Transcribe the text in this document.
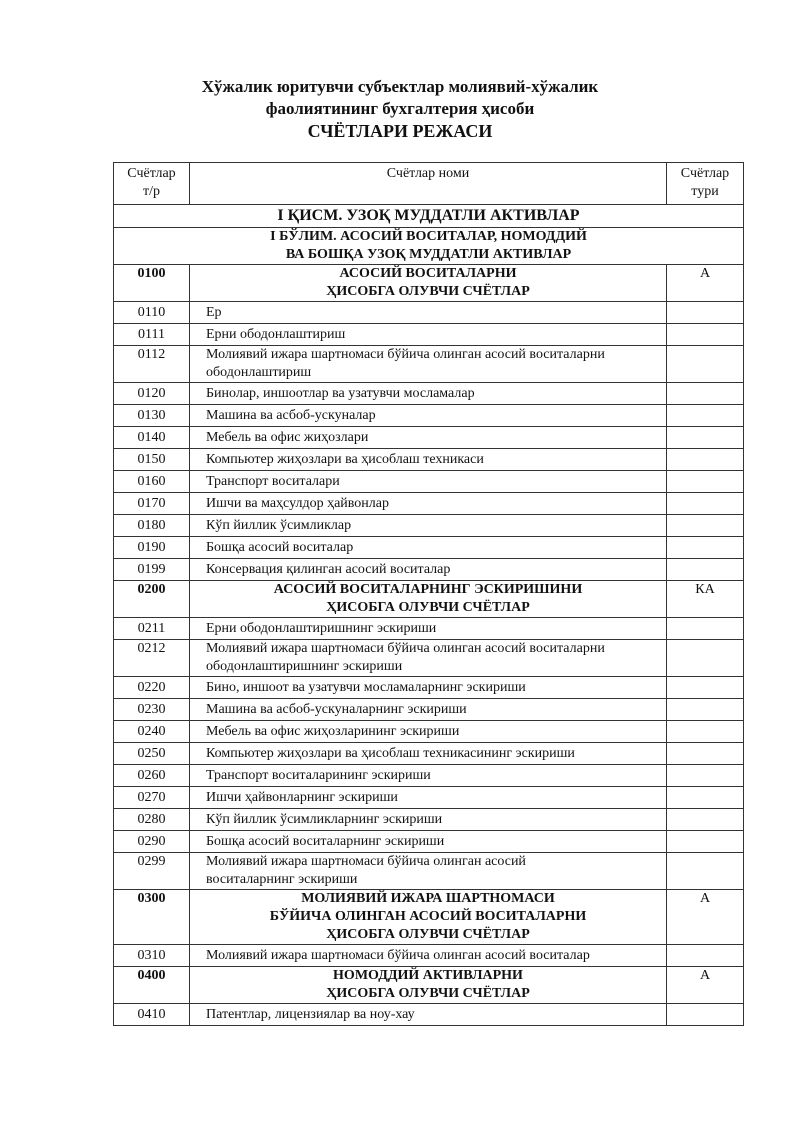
Хўжалик юритувчи субъектлар молиявий-хўжалик
фаолиятининг бухгалтерия ҳисоби
СЧЁТЛАРИ РЕЖАСИ
Счётлар
т/р	Счётлар номи	Счётлар
тури

I ҚИСМ. УЗОҚ МУДДАТЛИ АКТИВЛАР		

I БЎЛИМ. АСОСИЙ ВОСИТАЛАР, НОМОДДИЙ
ВА БОШҚА УЗОҚ МУДДАТЛИ АКТИВЛАР		

0100	АСОСИЙ ВОСИТАЛАРНИ
ҲИСОБГА ОЛУВЧИ СЧЁТЛАР	А
0110	Ер	

0111	Ерни ободонлаштириш	

0112	Молиявий ижара шартномаси бўйича олинган асосий воситаларни
ободонлаштириш	

0120	Бинолар, иншоотлар ва узатувчи мосламалар	

0130	Машина ва асбоб-ускуналар	

0140	Мебель ва офис жиҳозлари	

0150	Компьютер жиҳозлари ва ҳисоблаш техникаси	

0160	Транспорт воситалари	

0170	Ишчи ва маҳсулдор ҳайвонлар	

0180	Кўп йиллик ўсимликлар	

0190	Бошқа асосий воситалар	

0199	Консервация қилинган асосий воситалар	

0200	АСОСИЙ ВОСИТАЛАРНИНГ ЭСКИРИШИНИ
ҲИСОБГА ОЛУВЧИ СЧЁТЛАР	КА
0211	Ерни ободонлаштиришнинг эскириши	

0212	Молиявий ижара шартномаси бўйича олинган асосий воситаларни
ободонлаштиришнинг эскириши	

0220	Бино, иншоот ва узатувчи мосламаларнинг эскириши	

0230	Машина ва асбоб-ускуналарнинг эскириши	

0240	Мебель ва офис жиҳозларининг эскириши	

0250	Компьютер жиҳозлари ва ҳисоблаш техникасининг эскириши	

0260	Транспорт воситаларининг эскириши	

0270	Ишчи ҳайвонларнинг эскириши	

0280	Кўп йиллик ўсимликларнинг эскириши	

0290	Бошқа асосий воситаларнинг эскириши	

0299	Молиявий ижара шартномаси бўйича олинган асосий
воситаларнинг эскириши	

0300	МОЛИЯВИЙ ИЖАРА ШАРТНОМАСИ
БЎЙИЧА ОЛИНГАН АСОСИЙ ВОСИТАЛАРНИ
ҲИСОБГА ОЛУВЧИ СЧЁТЛАР	А
0310	Молиявий ижара шартномаси бўйича олинган асосий воситалар	

0400	НОМОДДИЙ АКТИВЛАРНИ
ҲИСОБГА ОЛУВЧИ СЧЁТЛАР	А
0410	Патентлар, лицензиялар ва ноу-хау	
